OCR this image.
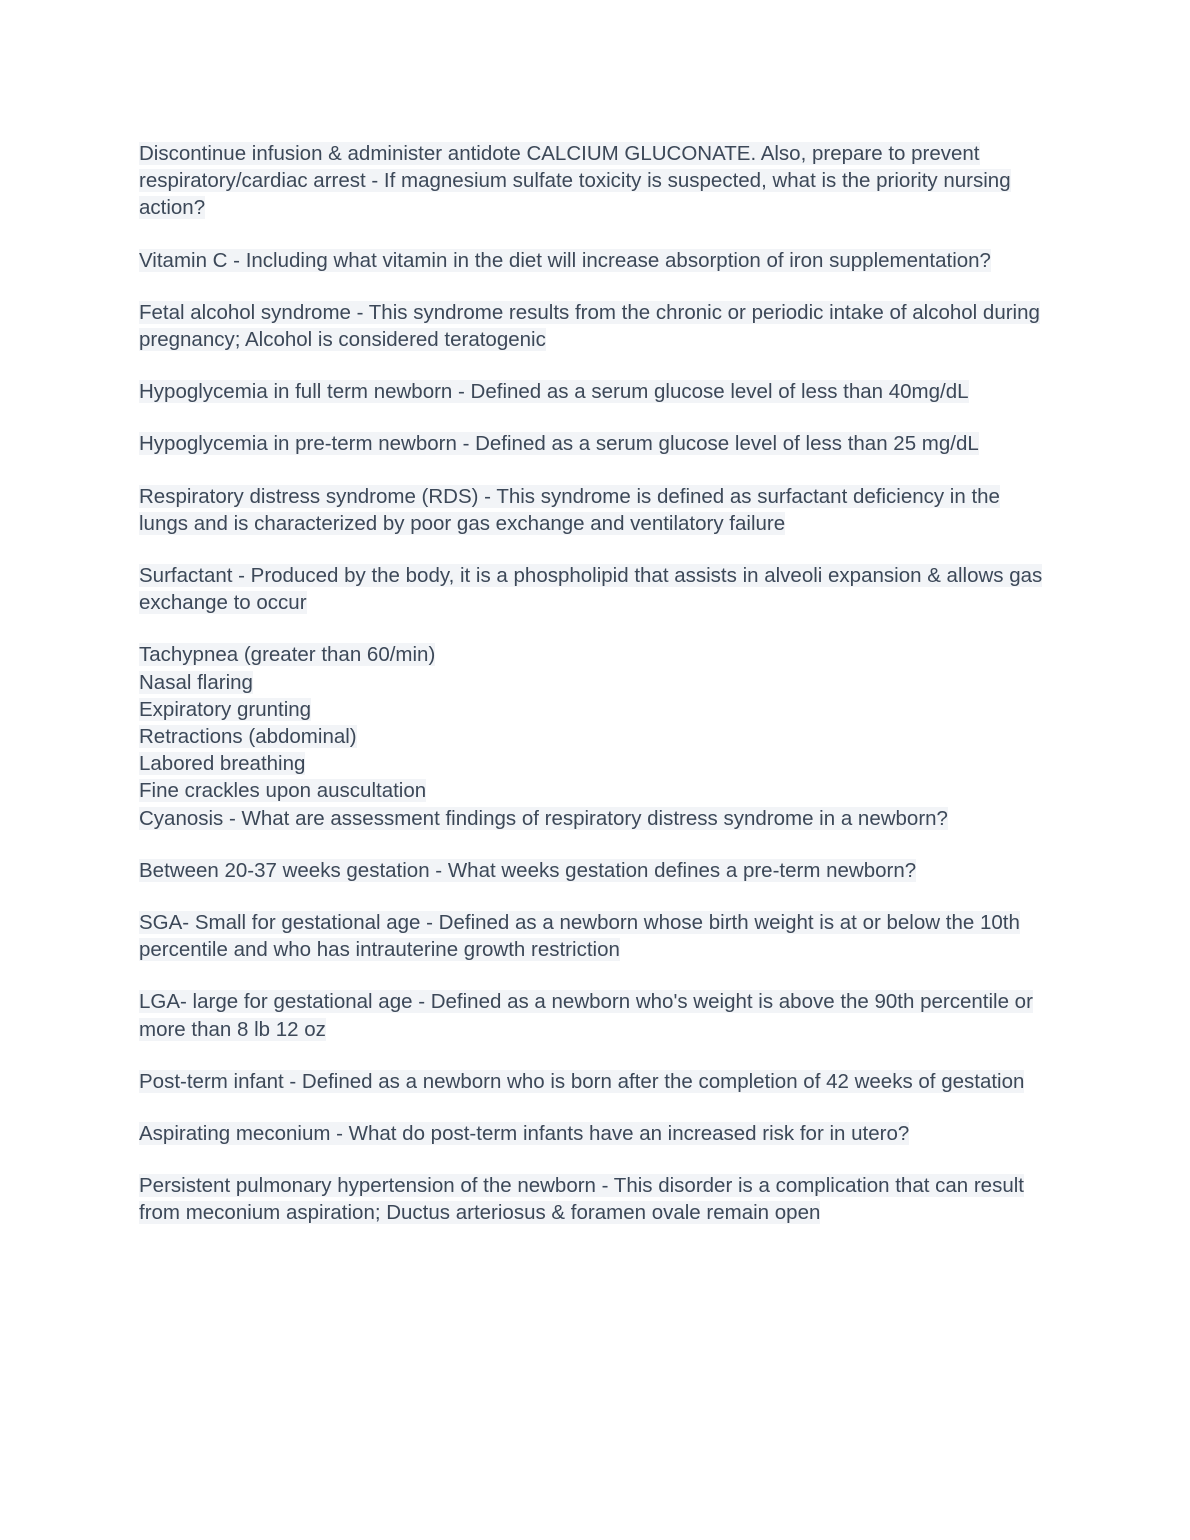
Discontinue infusion & administer antidote CALCIUM GLUCONATE. Also, prepare to prevent respiratory/cardiac arrest - If magnesium sulfate toxicity is suspected, what is the priority nursing action?

Vitamin C - Including what vitamin in the diet will increase absorption of iron supplementation?

Fetal alcohol syndrome - This syndrome results from the chronic or periodic intake of alcohol during pregnancy; Alcohol is considered teratogenic

Hypoglycemia in full term newborn - Defined as a serum glucose level of less than 40mg/dL

Hypoglycemia in pre-term newborn - Defined as a serum glucose level of less than 25 mg/dL

Respiratory distress syndrome (RDS) - This syndrome is defined as surfactant deficiency in the lungs and is characterized by poor gas exchange and ventilatory failure

Surfactant - Produced by the body, it is a phospholipid that assists in alveoli expansion & allows gas exchange to occur

Tachypnea (greater than 60/min)
Nasal flaring
Expiratory grunting
Retractions (abdominal)
Labored breathing
Fine crackles upon auscultation
Cyanosis - What are assessment findings of respiratory distress syndrome in a newborn?

Between 20-37 weeks gestation - What weeks gestation defines a pre-term newborn?

SGA- Small for gestational age - Defined as a newborn whose birth weight is at or below the 10th percentile and who has intrauterine growth restriction

LGA- large for gestational age - Defined as a newborn who's weight is above the 90th percentile or more than 8 lb 12 oz

Post-term infant - Defined as a newborn who is born after the completion of 42 weeks of gestation

Aspirating meconium - What do post-term infants have an increased risk for in utero?

Persistent pulmonary hypertension of the newborn - This disorder is a complication that can result from meconium aspiration; Ductus arteriosus & foramen ovale remain open
